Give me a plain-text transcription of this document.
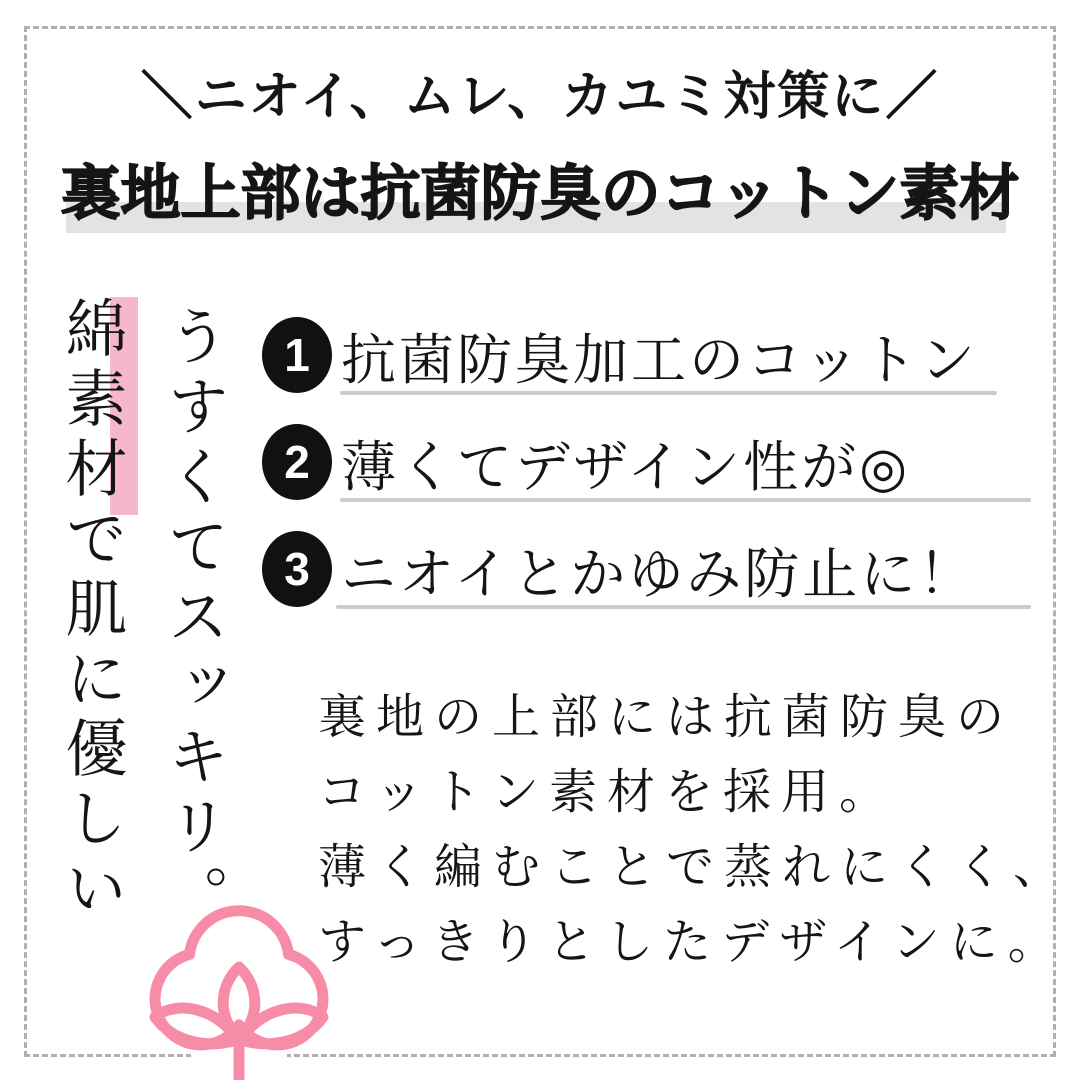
＼ニオイ、ムレ、カユミ対策に／
裏地上部は抗菌防臭のコットン素材
綿素材で肌に優しい うすくてスッキリ。	1 抗菌防臭加工のコットン
2 薄くてデザイン性が◎
3 ニオイとかゆみ防止に！
裏地の上部には抗菌防臭の
コットン素材を採用。
薄く編むことで蒸れにくく、
すっきりとしたデザインに。
